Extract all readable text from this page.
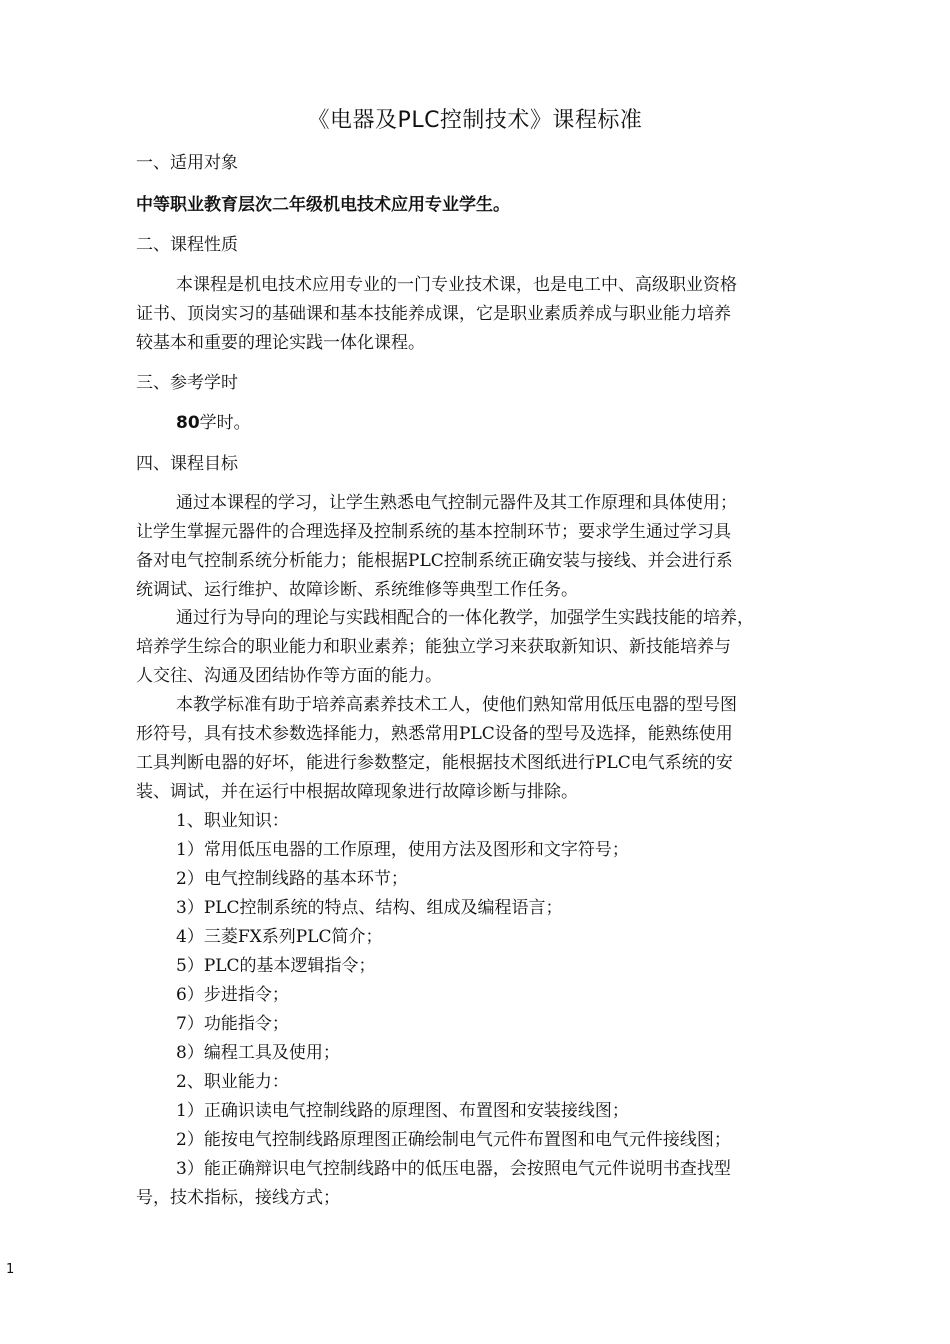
《电器及PLC控制技术》课程标准
一、适用对象
中等职业教育层次二年级机电技术应用专业学生。
二、课程性质
本课程是机电技术应用专业的一门专业技术课，也是电工中、高级职业资格
证书、顶岗实习的基础课和基本技能养成课，它是职业素质养成与职业能力培养
较基本和重要的理论实践一体化课程。
三、参考学时
80学时。
四、课程目标
通过本课程的学习，让学生熟悉电气控制元器件及其工作原理和具体使用；
让学生掌握元器件的合理选择及控制系统的基本控制环节；要求学生通过学习具
备对电气控制系统分析能力；能根据PLC控制系统正确安装与接线、并会进行系
统调试、运行维护、故障诊断、系统维修等典型工作任务。
通过行为导向的理论与实践相配合的一体化教学，加强学生实践技能的培养，
培养学生综合的职业能力和职业素养；能独立学习来获取新知识、新技能培养与
人交往、沟通及团结协作等方面的能力。
本教学标准有助于培养高素养技术工人，使他们熟知常用低压电器的型号图
形符号，具有技术参数选择能力，熟悉常用PLC设备的型号及选择，能熟练使用
工具判断电器的好坏，能进行参数整定，能根据技术图纸进行PLC电气系统的安
装、调试，并在运行中根据故障现象进行故障诊断与排除。
1、职业知识：
1）常用低压电器的工作原理，使用方法及图形和文字符号；
2）电气控制线路的基本环节；
3）PLC控制系统的特点、结构、组成及编程语言；
4）三菱FX系列PLC简介；
5）PLC的基本逻辑指令；
6）步进指令；
7）功能指令；
8）编程工具及使用；
2、职业能力：
1）正确识读电气控制线路的原理图、布置图和安装接线图；
2）能按电气控制线路原理图正确绘制电气元件布置图和电气元件接线图；
3）能正确辩识电气控制线路中的低压电器，会按照电气元件说明书查找型
号，技术指标，接线方式；
1
